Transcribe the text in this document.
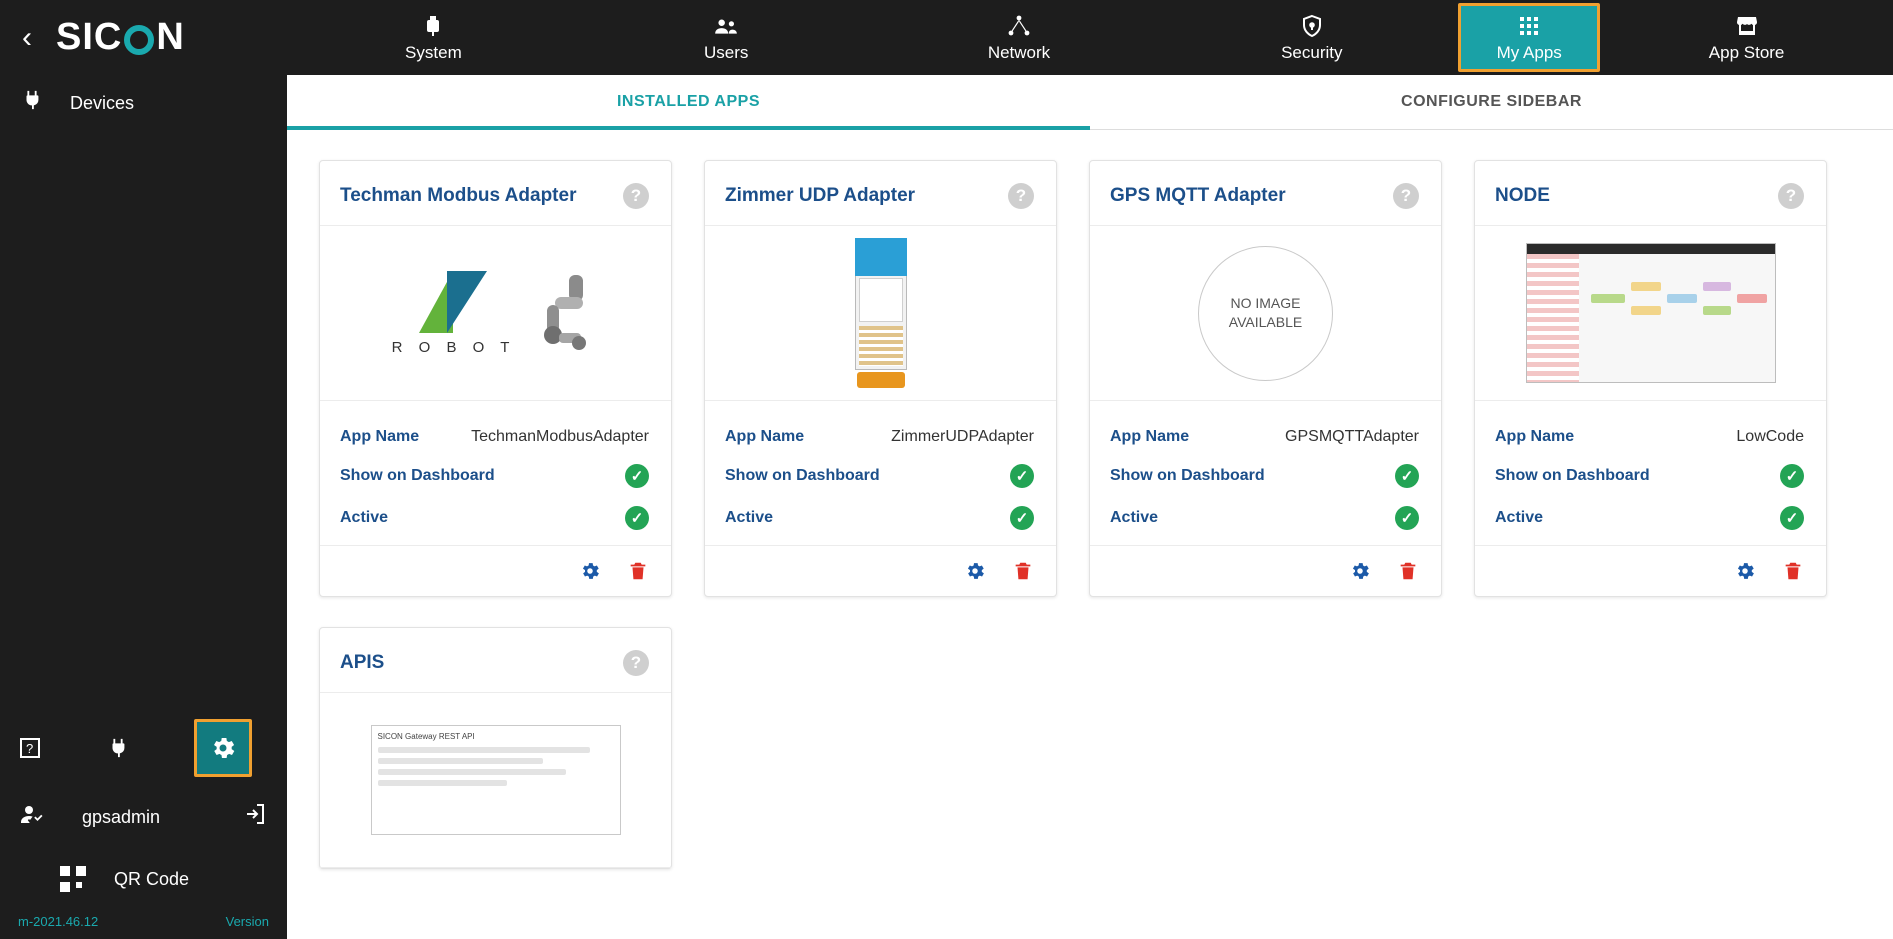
‹ SIC N
Devices
?
gpsadmin
QR Code
m-2021.46.12	Version
System	Users	Network	Security	My Apps	App Store
INSTALLED APPS	CONFIGURE SIDEBAR
Techman Modbus Adapter	?
R O B O T
App Name	TechmanModbusAdapter
Show on Dashboard	✓
Active	✓
Zimmer UDP Adapter	?
App Name	ZimmerUDPAdapter
Show on Dashboard	✓
Active	✓
GPS MQTT Adapter	?
NO IMAGE AVAILABLE
App Name	GPSMQTTAdapter
Show on Dashboard	✓
Active	✓
NODE	?
App Name	LowCode
Show on Dashboard	✓
Active	✓
APIS	?
SICON Gateway REST API
